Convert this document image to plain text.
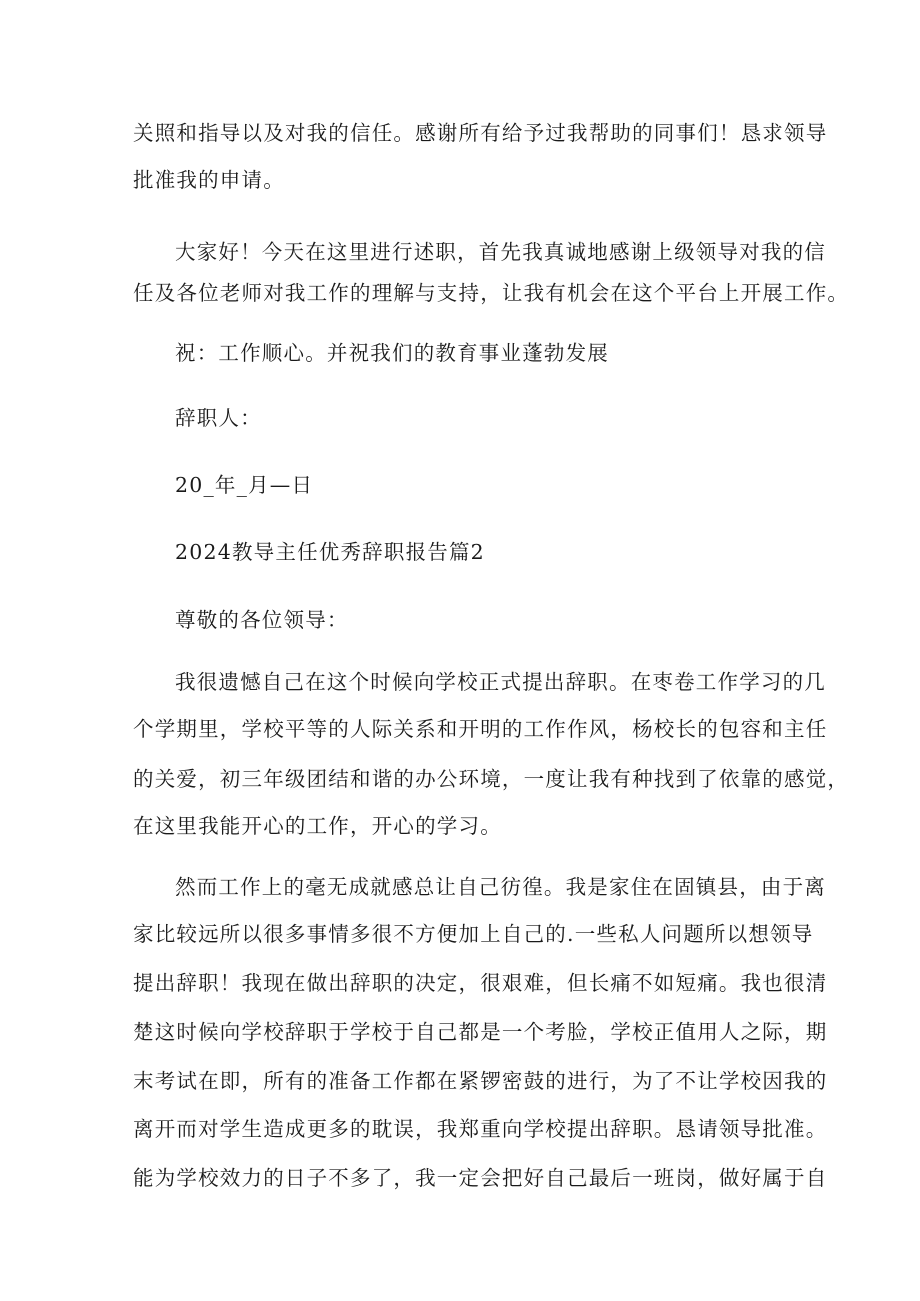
关照和指导以及对我的信任。感谢所有给予过我帮助的同事们！恳求领导
批准我的申请。
大家好！今天在这里进行述职，首先我真诚地感谢上级领导对我的信
任及各位老师对我工作的理解与支持，让我有机会在这个平台上开展工作。
祝：工作顺心。并祝我们的教育事业蓬勃发展
辞职人：
20_年_月—日
2024教导主任优秀辞职报告篇2
尊敬的各位领导：
我很遗憾自己在这个时候向学校正式提出辞职。在枣卷工作学习的几
个学期里，学校平等的人际关系和开明的工作作风，杨校长的包容和主任
的关爱，初三年级团结和谐的办公环境，一度让我有种找到了依靠的感觉，
在这里我能开心的工作，开心的学习。
然而工作上的毫无成就感总让自己彷徨。我是家住在固镇县，由于离
家比较远所以很多事情多很不方便加上自己的.一些私人问题所以想领导
提出辞职！我现在做出辞职的决定，很艰难，但长痛不如短痛。我也很清
楚这时候向学校辞职于学校于自己都是一个考脸，学校正值用人之际，期
末考试在即，所有的准备工作都在紧锣密鼓的进行，为了不让学校因我的
离开而对学生造成更多的耽误，我郑重向学校提出辞职。恳请领导批准。
能为学校效力的日子不多了，我一定会把好自己最后一班岗，做好属于自
